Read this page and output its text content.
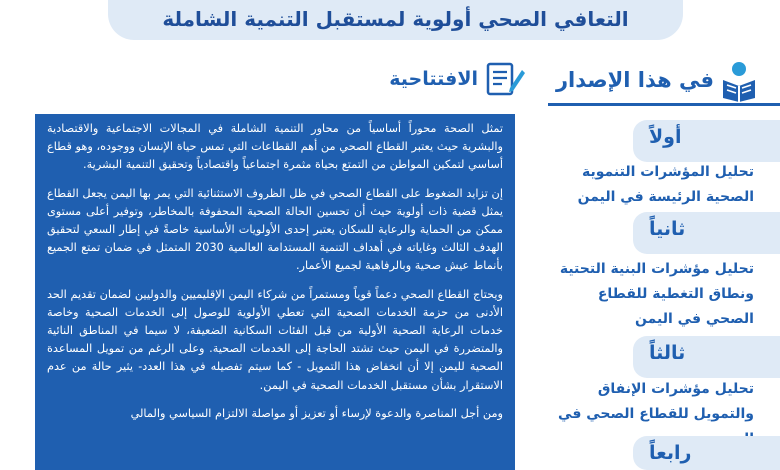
التعافي الصحي أولوية لمستقبل التنمية الشاملة
في هذا الإصدار
الافتتاحية

تمثل الصحة محوراً أساسياً من محاور التنمية الشاملة في المجالات الاجتماعية والاقتصادية والبشرية حيث يعتبر القطاع الصحي من أهم القطاعات التي تمس حياة الإنسان ووجوده، وهو قطاع أساسي لتمكين المواطن من التمتع بحياة مثمرة اجتماعياً واقتصادياً وتحقيق التنمية البشرية.

إن تزايد الضغوط على القطاع الصحي في ظل الظروف الاستثنائية التي يمر بها اليمن يجعل القطاع يمثل قضية ذات أولوية حيث أن تحسين الحالة الصحية المحفوفة بالمخاطر، وتوفير أعلى مستوى ممكن من الحماية والرعاية للسكان يعتبر إحدى الأولويات الأساسية خاصةً في إطار السعي لتحقيق الهدف الثالث وغاياته في أهداف التنمية المستدامة العالمية 2030 المتمثل في ضمان تمتع الجميع بأنماط عيش صحية وبالرفاهية لجميع الأعمار.

ويحتاج القطاع الصحي دعماً قوياً ومستمراً من شركاء اليمن الإقليميين والدوليين لضمان تقديم الحد الأدنى من حزمة الخدمات الصحية التي تعطي الأولوية للوصول إلى الخدمات الصحية وخاصة خدمات الرعاية الصحية الأولية من قبل الفئات السكانية الضعيفة، لا سيما في المناطق النائية والمتضررة في اليمن حيث تشتد الحاجة إلى الخدمات الصحية. وعلى الرغم من تمويل المساعدة الصحية لليمن إلا أن انخفاض هذا التمويل - كما سيتم تفصيله في هذا العدد- يثير حالة من عدم الاستقرار بشأن مستقبل الخدمات الصحية في اليمن.

ومن أجل المناصرة والدعوة لإرساء أو تعزيز أو مواصلة الالتزام السياسي والمالي

أولاً
تحليل المؤشرات التنموية الصحية الرئيسة في اليمن
ثانياً
تحليل مؤشرات البنية التحتية ونطاق التغطية للقطاع الصحي في اليمن
ثالثاً
تحليل مؤشرات الإنفاق والتمويل للقطاع الصحي في
رابعاً
